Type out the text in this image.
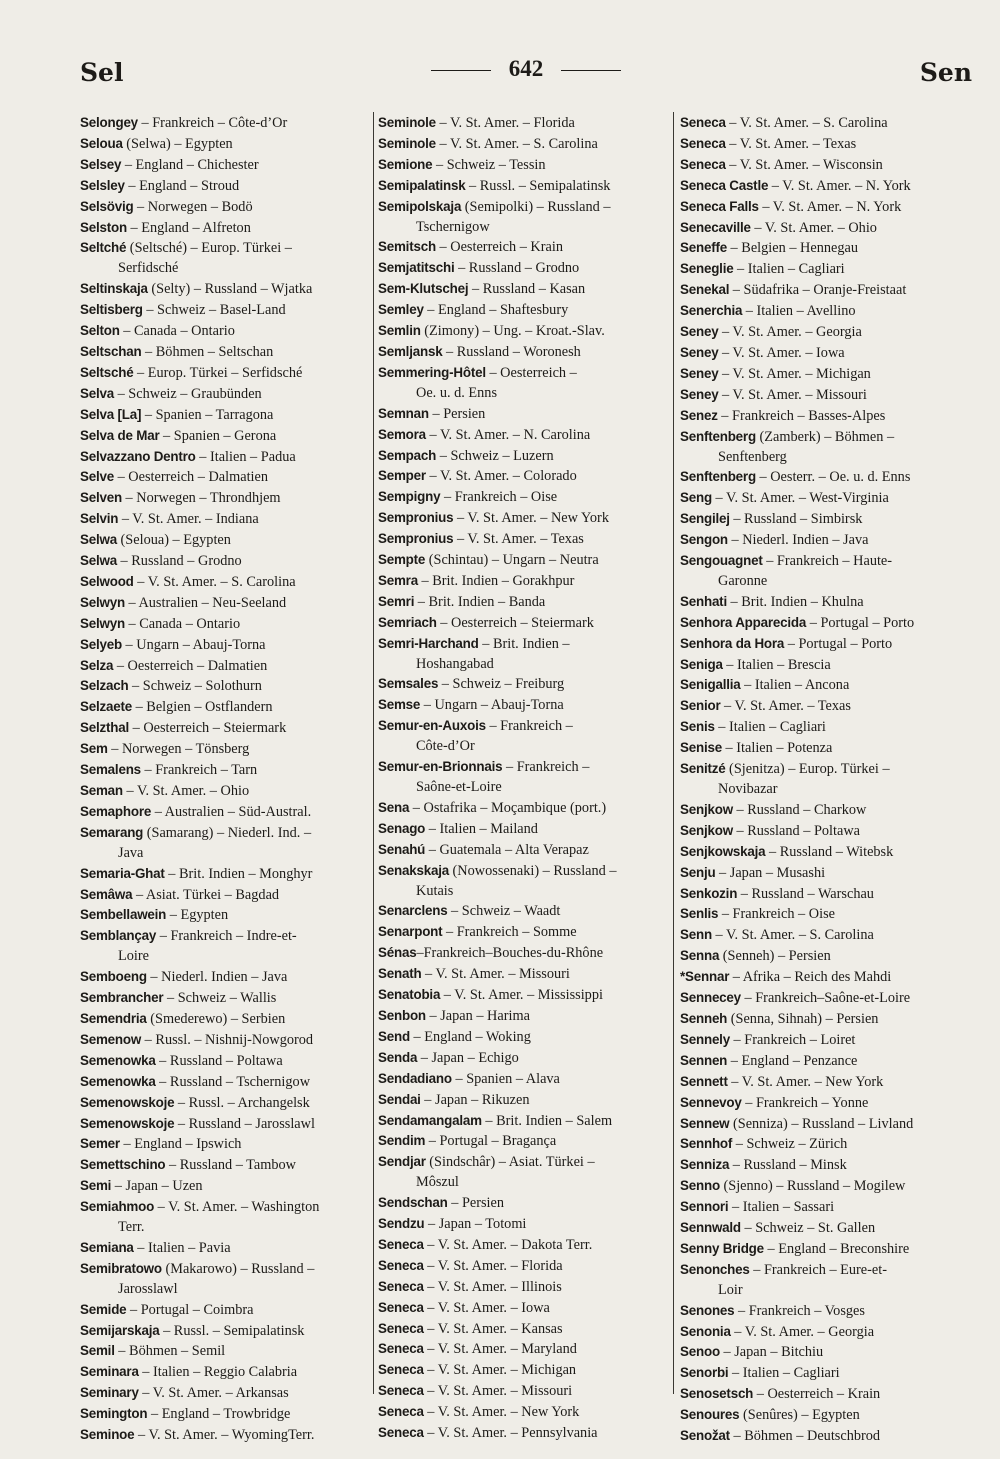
Sel	642	Sen
Selongey – Frankreich – Côte-d’Or
Seloua (Selwa) – Egypten
Selsey – England – Chichester
Selsley – England – Stroud
Selsövig – Norwegen – Bodö
Selston – England – Alfreton
Seltché (Seltsché) – Europ. Türkei –
Serfidsché
Seltinskaja (Selty) – Russland – Wjatka
Seltisberg – Schweiz – Basel-Land
Selton – Canada – Ontario
Seltschan – Böhmen – Seltschan
Seltsché – Europ. Türkei – Serfidsché
Selva – Schweiz – Graubünden
Selva [La] – Spanien – Tarragona
Selva de Mar – Spanien – Gerona
Selvazzano Dentro – Italien – Padua
Selve – Oesterreich – Dalmatien
Selven – Norwegen – Throndhjem
Selvin – V. St. Amer. – Indiana
Selwa (Seloua) – Egypten
Selwa – Russland – Grodno
Selwood – V. St. Amer. – S. Carolina
Selwyn – Australien – Neu-Seeland
Selwyn – Canada – Ontario
Selyeb – Ungarn – Abauj-Torna
Selza – Oesterreich – Dalmatien
Selzach – Schweiz – Solothurn
Selzaete – Belgien – Ostflandern
Selzthal – Oesterreich – Steiermark
Sem – Norwegen – Tönsberg
Semalens – Frankreich – Tarn
Seman – V. St. Amer. – Ohio
Semaphore – Australien – Süd-Austral.
Semarang (Samarang) – Niederl. Ind. –
Java
Semaria-Ghat – Brit. Indien – Monghyr
Semâwa – Asiat. Türkei – Bagdad
Sembellawein – Egypten
Semblançay – Frankreich – Indre-et-
Loire
Semboeng – Niederl. Indien – Java
Sembrancher – Schweiz – Wallis
Semendria (Smederewo) – Serbien
Semenow – Russl. – Nishnij-Nowgorod
Semenowka – Russland – Poltawa
Semenowka – Russland – Tschernigow
Semenowskoje – Russl. – Archangelsk
Semenowskoje – Russland – Jarosslawl
Semer – England – Ipswich
Semettschino – Russland – Tambow
Semi – Japan – Uzen
Semiahmoo – V. St. Amer. – Washington
Terr.
Semiana – Italien – Pavia
Semibratowo (Makarowo) – Russland –
Jarosslawl
Semide – Portugal – Coimbra
Semijarskaja – Russl. – Semipalatinsk
Semil – Böhmen – Semil
Seminara – Italien – Reggio Calabria
Seminary – V. St. Amer. – Arkansas
Semington – England – Trowbridge
Seminoe – V. St. Amer. – WyomingTerr.
Seminole – V. St. Amer. – Florida
Seminole – V. St. Amer. – S. Carolina
Semione – Schweiz – Tessin
Semipalatinsk – Russl. – Semipalatinsk
Semipolskaja (Semipolki) – Russland –
Tschernigow
Semitsch – Oesterreich – Krain
Semjatitschi – Russland – Grodno
Sem-Klutschej – Russland – Kasan
Semley – England – Shaftesbury
Semlin (Zimony) – Ung. – Kroat.-Slav.
Semljansk – Russland – Woronesh
Semmering-Hôtel – Oesterreich –
Oe. u. d. Enns
Semnan – Persien
Semora – V. St. Amer. – N. Carolina
Sempach – Schweiz – Luzern
Semper – V. St. Amer. – Colorado
Sempigny – Frankreich – Oise
Sempronius – V. St. Amer. – New York
Sempronius – V. St. Amer. – Texas
Sempte (Schintau) – Ungarn – Neutra
Semra – Brit. Indien – Gorakhpur
Semri – Brit. Indien – Banda
Semriach – Oesterreich – Steiermark
Semri-Harchand – Brit. Indien –
Hoshangabad
Semsales – Schweiz – Freiburg
Semse – Ungarn – Abauj-Torna
Semur-en-Auxois – Frankreich –
Côte-d’Or
Semur-en-Brionnais – Frankreich –
Saône-et-Loire
Sena – Ostafrika – Moçambique (port.)
Senago – Italien – Mailand
Senahú – Guatemala – Alta Verapaz
Senakskaja (Nowossenaki) – Russland –
Kutais
Senarclens – Schweiz – Waadt
Senarpont – Frankreich – Somme
Sénas–Frankreich–Bouches-du-Rhône
Senath – V. St. Amer. – Missouri
Senatobia – V. St. Amer. – Mississippi
Senbon – Japan – Harima
Send – England – Woking
Senda – Japan – Echigo
Sendadiano – Spanien – Alava
Sendai – Japan – Rikuzen
Sendamangalam – Brit. Indien – Salem
Sendim – Portugal – Bragança
Sendjar (Sindschâr) – Asiat. Türkei –
Môszul
Sendschan – Persien
Sendzu – Japan – Totomi
Seneca – V. St. Amer. – Dakota Terr.
Seneca – V. St. Amer. – Florida
Seneca – V. St. Amer. – Illinois
Seneca – V. St. Amer. – Iowa
Seneca – V. St. Amer. – Kansas
Seneca – V. St. Amer. – Maryland
Seneca – V. St. Amer. – Michigan
Seneca – V. St. Amer. – Missouri
Seneca – V. St. Amer. – New York
Seneca – V. St. Amer. – Pennsylvania
Seneca – V. St. Amer. – S. Carolina
Seneca – V. St. Amer. – Texas
Seneca – V. St. Amer. – Wisconsin
Seneca Castle – V. St. Amer. – N. York
Seneca Falls – V. St. Amer. – N. York
Senecaville – V. St. Amer. – Ohio
Seneffe – Belgien – Hennegau
Seneglie – Italien – Cagliari
Senekal – Südafrika – Oranje-Freistaat
Senerchia – Italien – Avellino
Seney – V. St. Amer. – Georgia
Seney – V. St. Amer. – Iowa
Seney – V. St. Amer. – Michigan
Seney – V. St. Amer. – Missouri
Senez – Frankreich – Basses-Alpes
Senftenberg (Zamberk) – Böhmen –
Senftenberg
Senftenberg – Oesterr. – Oe. u. d. Enns
Seng – V. St. Amer. – West-Virginia
Sengilej – Russland – Simbirsk
Sengon – Niederl. Indien – Java
Sengouagnet – Frankreich – Haute-
Garonne
Senhati – Brit. Indien – Khulna
Senhora Apparecida – Portugal – Porto
Senhora da Hora – Portugal – Porto
Seniga – Italien – Brescia
Senigallia – Italien – Ancona
Senior – V. St. Amer. – Texas
Senis – Italien – Cagliari
Senise – Italien – Potenza
Senitzé (Sjenitza) – Europ. Türkei –
Novibazar
Senjkow – Russland – Charkow
Senjkow – Russland – Poltawa
Senjkowskaja – Russland – Witebsk
Senju – Japan – Musashi
Senkozin – Russland – Warschau
Senlis – Frankreich – Oise
Senn – V. St. Amer. – S. Carolina
Senna (Senneh) – Persien
*Sennar – Afrika – Reich des Mahdi
Sennecey – Frankreich–Saône-et-Loire
Senneh (Senna, Sihnah) – Persien
Sennely – Frankreich – Loiret
Sennen – England – Penzance
Sennett – V. St. Amer. – New York
Sennevoy – Frankreich – Yonne
Sennew (Senniza) – Russland – Livland
Sennhof – Schweiz – Zürich
Senniza – Russland – Minsk
Senno (Sjenno) – Russland – Mogilew
Sennori – Italien – Sassari
Sennwald – Schweiz – St. Gallen
Senny Bridge – England – Breconshire
Senonches – Frankreich – Eure-et-
Loir
Senones – Frankreich – Vosges
Senonia – V. St. Amer. – Georgia
Senoo – Japan – Bitchiu
Senorbi – Italien – Cagliari
Senosetsch – Oesterreich – Krain
Senoures (Senûres) – Egypten
Senožat – Böhmen – Deutschbrod
